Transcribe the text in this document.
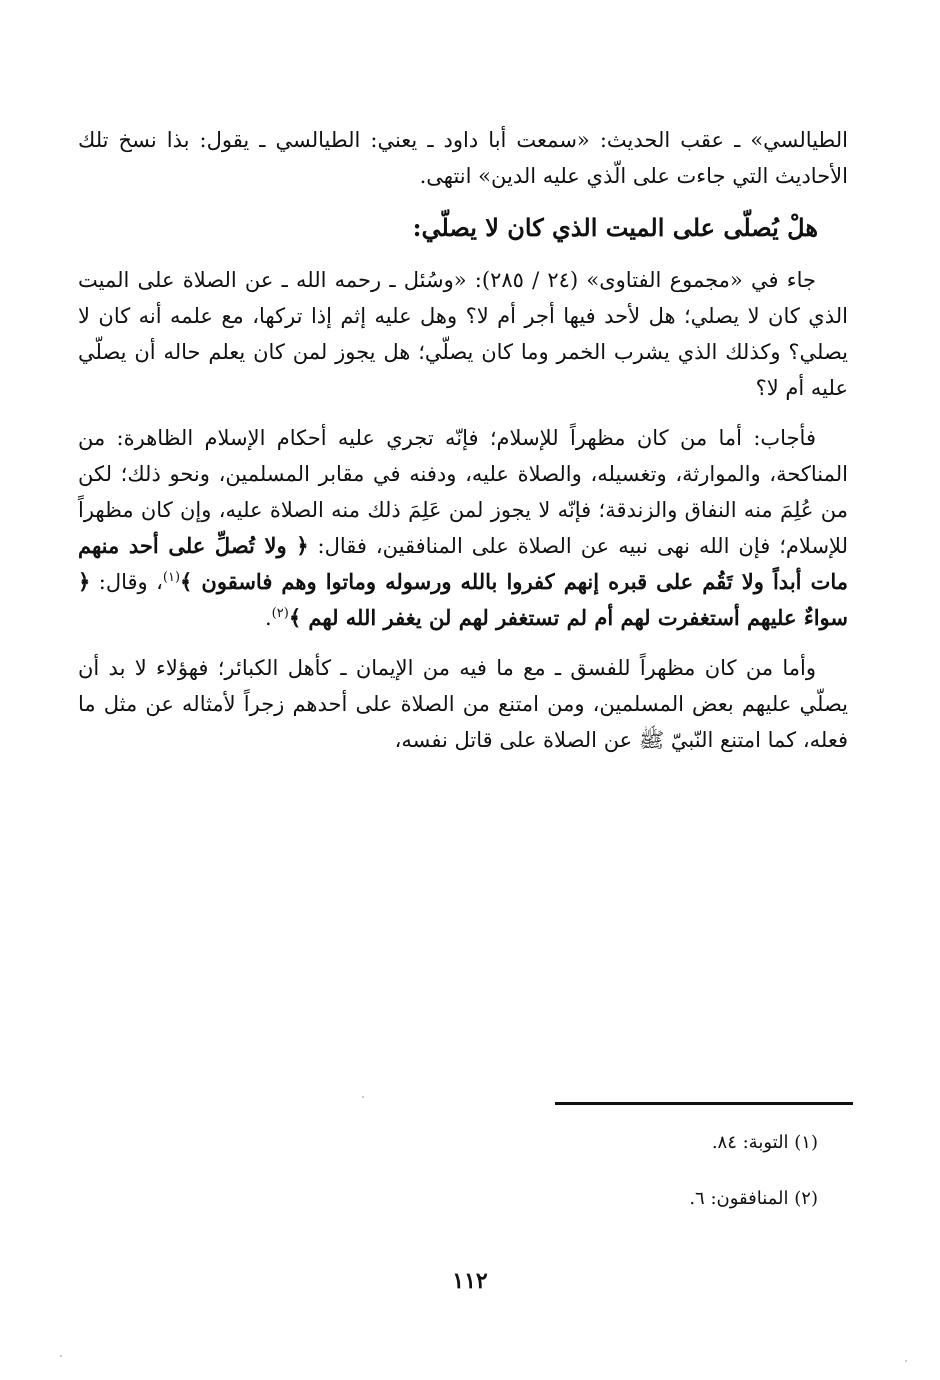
الطيالسي» ـ عقب الحديث: «سمعت أبا داود ـ يعني: الطيالسي ـ يقول: بذا نسخ تلك الأحاديث التي جاءت على الّذي عليه الدين» انتهى.

هلْ يُصلّى على الميت الذي كان لا يصلّي:

جاء في «مجموع الفتاوى» (٢٤ / ٢٨٥): «وسُئل ـ رحمه الله ـ عن الصلاة على الميت الذي كان لا يصلي؛ هل لأحد فيها أجر أم لا؟ وهل عليه إثم إذا تركها، مع علمه أنه كان لا يصلي؟ وكذلك الذي يشرب الخمر وما كان يصلّي؛ هل يجوز لمن كان يعلم حاله أن يصلّي عليه أم لا؟

فأجاب: أما من كان مظهراً للإسلام؛ فإنّه تجري عليه أحكام الإسلام الظاهرة: من المناكحة، والموارثة، وتغسيله، والصلاة عليه، ودفنه في مقابر المسلمين، ونحو ذلك؛ لكن من عُلِمَ منه النفاق والزندقة؛ فإنّه لا يجوز لمن عَلِمَ ذلك منه الصلاة عليه، وإن كان مظهراً للإسلام؛ فإن الله نهى نبيه عن الصلاة على المنافقين، فقال: ﴿ ولا تُصلِّ على أحد منهم مات أبداً ولا تَقُم على قبره إنهم كفروا بالله ورسوله وماتوا وهم فاسقون ﴾$^{(١)}$، وقال: ﴿ سواءٌ عليهم أستغفرت لهم أم لم تستغفر لهم لن يغفر الله لهم ﴾$^{(٢)}$.

وأما من كان مظهراً للفسق ـ مع ما فيه من الإيمان ـ كأهل الكبائر؛ فهؤلاء لا بد أن يصلّي عليهم بعض المسلمين، ومن امتنع من الصلاة على أحدهم زجراً لأمثاله عن مثل ما فعله، كما امتنع النّبيّ ﷺ عن الصلاة على قاتل نفسه،

(١) التوبة: ٨٤.
(٢) المنافقون: ٦.
١١٢
